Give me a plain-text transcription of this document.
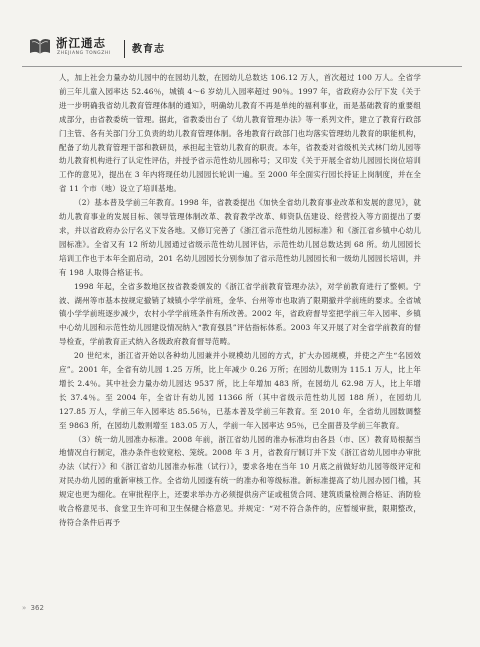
浙江通志
ZHEJIANG TONGZHI 教育志

人，加上社会力量办幼儿园中的在园幼儿数，在园幼儿总数达 106.12 万人，首次超过 100 万人。全省学前三年儿童入园率达 52.46％，城镇 4～6 岁幼儿入园率超过 90％。1997 年，省政府办公厅下发《关于进一步明确我省幼儿教育管理体制的通知》，明确幼儿教育不再是单纯的福利事业，而是基础教育的重要组成部分，由省教委统一管理。据此，省教委出台了《幼儿教育管理办法》等一系列文件，建立了教育行政部门主管、各有关部门分工负责的幼儿教育管理体制。各地教育行政部门也均落实管理幼儿教育的职能机构，配备了幼儿教育管理干部和教研员，承担起主管幼儿教育的职责。本年，省教委对省级机关式林门幼儿园等幼儿教育机构进行了认定性评估，并授予省示范性幼儿园称号；又印发《关于开展全省幼儿园园长岗位培训工作的意见》，提出在 3 年内将现任幼儿园园长轮训一遍。至 2000 年全面实行园长持证上岗制度，并在全省 11 个市（地）设立了培训基地。

（2）基本普及学前三年教育。1998 年，省教委提出《加快全省幼儿教育事业改革和发展的意见》，就幼儿教育事业的发展目标、领导管理体制改革、教育教学改革、师资队伍建设、经营投入等方面提出了要求，并以省政府办公厅名义下发各地。又修订完善了《浙江省示范性幼儿园标准》和《浙江省乡镇中心幼儿园标准》。全省又有 12 所幼儿园通过省级示范性幼儿园评估，示范性幼儿园总数达到 68 所。幼儿园园长培训工作也于本年全面启动，201 名幼儿园园长分别参加了省示范性幼儿园园长和一级幼儿园园长培训，并有 198 人取得合格证书。

1998 年起，全省多数地区按省教委颁发的《浙江省学前教育管理办法》，对学前教育进行了整顿。宁波、湖州等市基本按规定撤销了城镇小学学前班，金华、台州等市也取消了限期撤并学前班的要求。全省城镇小学学前班逐步减少，农村小学学前班条件有所改善。2002 年，省政府督导室把学前三年入园率、乡镇中心幼儿园和示范性幼儿园建设情况纳入“教育强县”评估指标体系。2003 年又开展了对全省学前教育的督导检查，学前教育正式纳入各级政府教育督导范畴。

20 世纪末，浙江省开始以各种幼儿园兼并小规模幼儿园的方式，扩大办园规模，并使之产生“名园效应”。2001 年，全省有幼儿园 1.25 万所，比上年减少 0.26 万所；在园幼儿数则为 115.1 万人，比上年增长 2.4％。其中社会力量办幼儿园达 9537 所，比上年增加 483 所，在园幼儿 62.98 万人，比上年增长 37.4％。至 2004 年，全省计有幼儿园 11366 所（其中省级示范性幼儿园 188 所），在园幼儿 127.85 万人，学前三年入园率达 85.56％，已基本普及学前三年教育。至 2010 年，全省幼儿园数调整至 9863 所，在园幼儿数则增至 183.05 万人，学前一年入园率达 95％，已全面普及学前三年教育。

（3）统一幼儿园准办标准。2008 年前，浙江省幼儿园的准办标准均由各县（市、区）教育局根据当地情况自行制定，准办条件也较宽松、笼统。2008 年 3 月，省教育厅制订并下发《浙江省幼儿园申办审批办法（试行）》和《浙江省幼儿园准办标准（试行）》，要求各地在当年 10 月底之前做好幼儿园等级评定和对民办幼儿园的重新审核工作。全省幼儿园遂有统一的准办和等级标准。新标准提高了幼儿园办园门槛，其规定也更为细化。在审批程序上，还要求举办方必须提供房产证或租赁合同、建筑质量检测合格证、消防验收合格意见书、食堂卫生许可和卫生保健合格意见。并规定：“对不符合条件的，应暂缓审批，限期整改，待符合条件后再予

» 362
